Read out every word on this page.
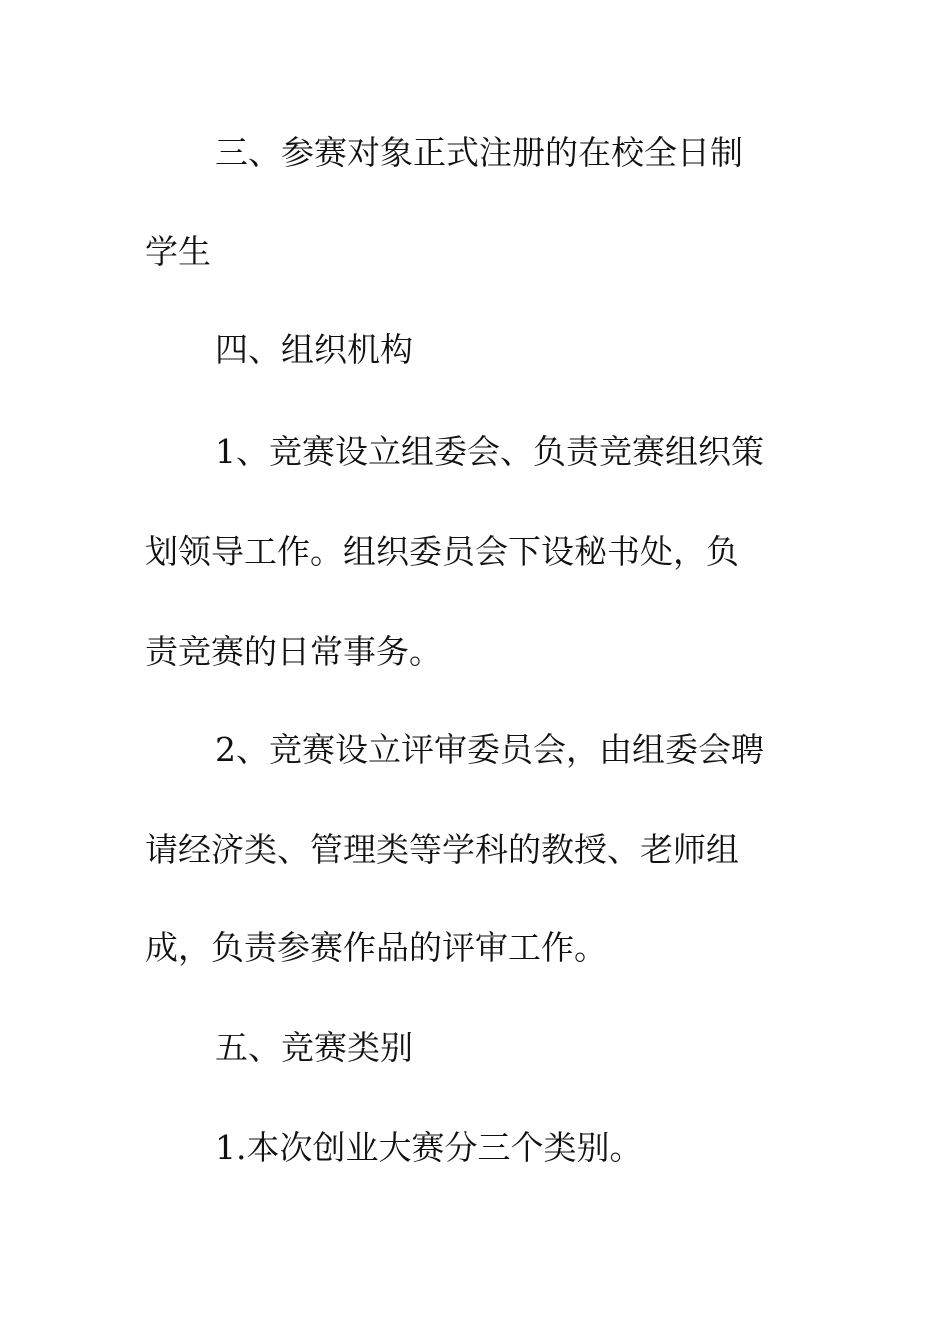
三、参赛对象正式注册的在校全日制
学生
四、组织机构
1、竞赛设立组委会、负责竞赛组织策
划领导工作。组织委员会下设秘书处，负
责竞赛的日常事务。
2、竞赛设立评审委员会，由组委会聘
请经济类、管理类等学科的教授、老师组
成，负责参赛作品的评审工作。
五、竞赛类别
1.本次创业大赛分三个类别。
